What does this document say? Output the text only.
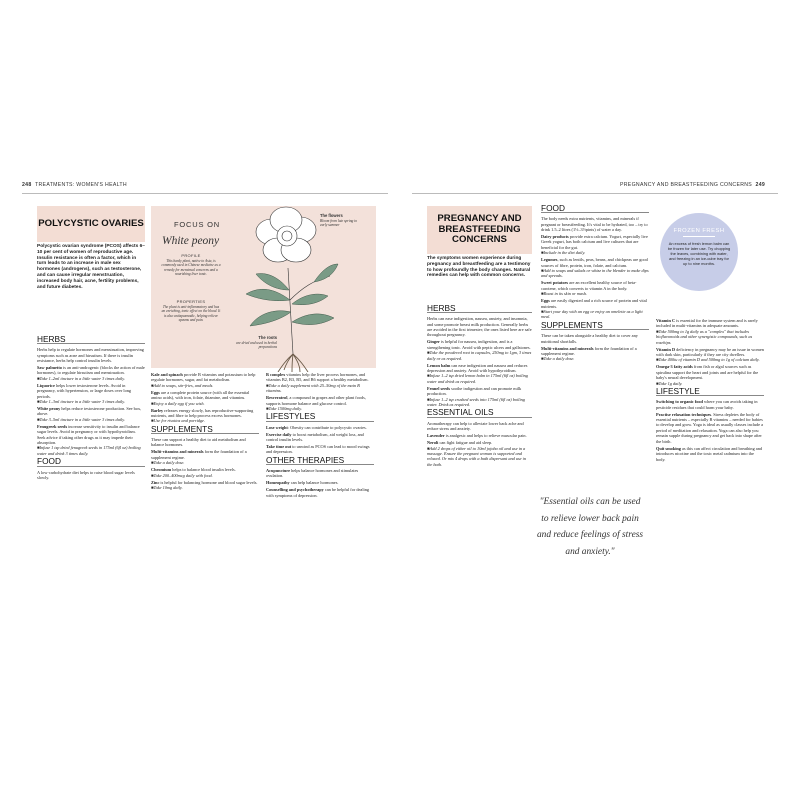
248 TREATMENTS: WOMEN'S HEALTH	PREGNANCY AND BREASTFEEDING CONCERNS 249
POLYCYSTIC OVARIES
Polycystic ovarian syndrome (PCOS) affects 6–10 per cent of women of reproductive age. Insulin resistance is often a factor, which in turn leads to an increase in male sex hormones (androgens), such as testosterone, and can cause irregular menstruation, increased body hair, acne, fertility problems, and future diabetes.
FOCUS ON
White peony
PROFILE
This hardy plant, native to Asia, is commonly used in Chinese medicine as a remedy for menstrual concerns and a nourishing liver tonic.
PROPERTIES
The plant is anti-inflammatory and has an enriching, tonic effect on the blood. It is also antispasmodic, helping relieve spasms and pain.
The flowers
Bloom from late spring to early summer
The roots
are dried and used in herbal preparations
HERBS

Herbs help to regulate hormones and menstruation, improving symptoms such as acne and hirsutism. If there is insulin resistance, herbs help control insulin levels.

Saw palmetto is an anti-androgenic (blocks the action of male hormones), to regulate hirsutism and menstruation.
■Take 1–2ml tincture in a little water 3 times daily.

Liquorice helps lower testosterone levels. Avoid in pregnancy, with hypertension, or large doses over long periods.
■Take 1–3ml tincture in a little water 3 times daily.

White peony helps reduce testosterone production. See box, above.
■Take 3–5ml tincture in a little water 3 times daily.

Fenugreek seeds increase sensitivity to insulin and balance sugar levels. Avoid in pregnancy or with hypothyroidism. Seek advice if taking other drugs as it may impede their absorption.
■Infuse 1 tsp dried fenugreek seeds in 175ml (6fl oz) boiling water and drink 3 times daily.

FOOD

A low-carbohydrate diet helps to raise blood sugar levels slowly.

Kale and spinach provide B vitamins and potassium to help regulate hormones, sugar, and fat metabolism.
■Add to soups, stir-fries, and meals.

Eggs are a complete protein source (with all the essential amino acids), with iron, folate, thiamine, and vitamins.
■Enjoy a daily egg if you wish.

Barley releases energy slowly, has reproductive-supporting nutrients, and fibre to help process excess hormones.
■Use for risottos and porridge.

SUPPLEMENTS

These can support a healthy diet to aid metabolism and balance hormones.

Multi-vitamins and minerals form the foundation of a supplement regime.
■Take a daily dose.

Chromium helps to balance blood insulin levels.
■Take 200–400mcg daily with food.

Zinc is helpful for balancing hormone and blood sugar levels.
■Take 10mg daily.

B complex vitamins help the liver process hormones, and vitamins B2, B3, B5, and B6 support a healthy metabolism.
■Take a daily supplement with 25–50mg of the main B vitamins.

Resveratrol, a compound in grapes and other plant foods, supports hormone balance and glucose control.
■Take 1500mg daily.

LIFESTYLES

Lose weight: Obesity can contribute to polycystic ovaries.

Exercise daily to boost metabolism, aid weight loss, and control insulin levels.

Take time out to unwind as PCOS can lead to mood swings and depression.

OTHER THERAPIES

Acupuncture helps balance hormones and stimulates ovulation.

Homeopathy can help balance hormones.

Counselling and psychotherapy can be helpful for dealing with symptoms of depression.

PREGNANCY AND BREASTFEEDING CONCERNS
The symptoms women experience during pregnancy and breastfeeding are a testimony to how profoundly the body changes. Natural remedies can help with common concerns.
HERBS

Herbs can ease indigestion, nausea, anxiety, and insomnia, and some promote breast milk production. Generally herbs are avoided in the first trimester; the ones listed here are safe throughout pregnancy.

Ginger is helpful for nausea, indigestion, and is a strengthening tonic. Avoid with peptic ulcers and gallstones.
■Take the powdered root in capsules, 250mg to 1gm, 3 times daily or as required.

Lemon balm can ease indigestion and nausea and reduces depression and anxiety. Avoid with hypothyroidism.
■Infuse 1–2 tsp dried lemon balm in 175ml (6fl oz) boiling water and drink as required.

Fennel seeds soothe indigestion and can promote milk production.
■Infuse 1–2 tsp crushed seeds into 175ml (6fl oz) boiling water. Drink as required.

ESSENTIAL OILS

Aromatherapy can help to alleviate lower back ache and reduce stress and anxiety.

Lavender is analgesic and helps to relieve muscular pain.

Neroli can fight fatigue and aid sleep.
■Add 2 drops of either oil to 10ml jojoba oil and use in a massage. Ensure the pregnant woman is supported and relaxed. Or mix 4 drops with a bath dispersant and use in the bath.

FOOD

The body needs extra nutrients, vitamins, and minerals if pregnant or breastfeeding. It's vital to be hydrated, too – try to drink 1.5–2 litres (1½–3½pints) of water a day.

Dairy products provide extra calcium. Yogurt, especially live Greek yogurt, has both calcium and live cultures that are beneficial for the gut.
■Include in the diet daily.

Legumes, such as lentils, peas, beans, and chickpeas are good sources of fibre, protein, iron, folate, and calcium.
■Add to soups and salads or whizz in the blender to make dips and spreads.

Sweet potatoes are an excellent healthy source of beta-carotene, which converts to vitamin A in the body.
■Roast in its skin or mash.

Eggs are easily digested and a rich source of protein and vital nutrients.
■Start your day with an egg or enjoy an omelette as a light meal.

SUPPLEMENTS

These can be taken alongside a healthy diet to cover any nutritional shortfalls.

Multi-vitamins and minerals form the foundation of a supplement regime.
■Take a daily dose.

"Essential oils can be used to relieve lower back pain and reduce feelings of stress and anxiety."
FROZEN FRESH
An excess of fresh lemon balm can be frozen for later use. Try chopping the leaves, combining with water, and freezing in an ice-cube tray for up to nine months.

Vitamin C is essential for the immune system and is rarely included in multi-vitamins in adequate amounts.
■Take 500mg to 1g daily as a "complex" that includes bioflavonoids and other synergistic compounds, such as rosehips.

Vitamin D deficiency in pregnancy may be an issue in women with dark skin, particularly if they are city dwellers.
■Take 400iu of vitamin D and 500mg to 1g of calcium daily.

Omega-3 fatty acids from fish or algal sources such as spirulina support the heart and joints and are helpful for the baby's neural development.
■Take 1g daily.

LIFESTYLE

Switching to organic food where you can avoids taking in pesticide residues that could harm your baby.

Practise relaxation techniques. Stress depletes the body of essential nutrients – especially B vitamins – needed for babies to develop and grow. Yoga is ideal as usually classes include a period of meditation and relaxation. Yoga can also help you remain supple during pregnancy and get back into shape after the birth.

Quit smoking as this can affect circulation and breathing and introduces nicotine and the toxic metal cadmium into the body.
